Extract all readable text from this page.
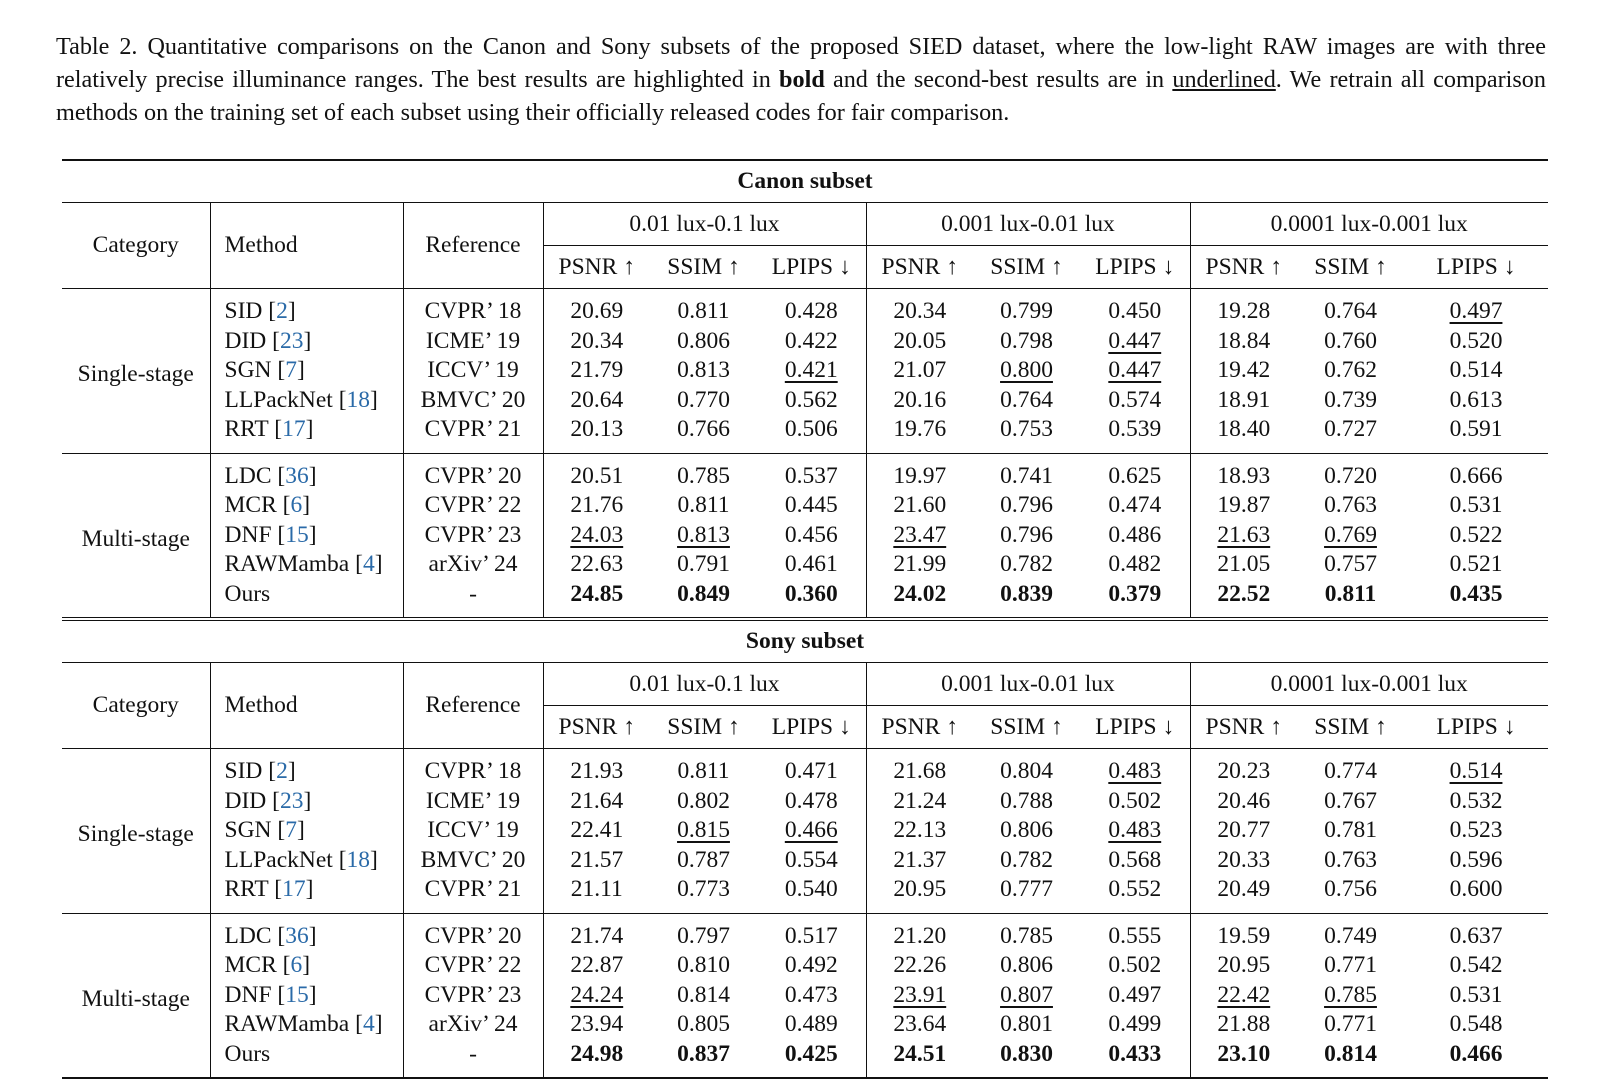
Table 2. Quantitative comparisons on the Canon and Sony subsets of the proposed SIED dataset, where the low-light RAW images are with three relatively precise illuminance ranges. The best results are highlighted in bold and the second-best results are in underlined. We retrain all comparison methods on the training set of each subset using their officially released codes for fair comparison.
Canon subset											
Category	Method	Reference	0.01 lux-0.1 lux			0.001 lux-0.01 lux			0.0001 lux-0.001 lux		
			PSNR ↑	SSIM ↑	LPIPS ↓	PSNR ↑	SSIM ↑	LPIPS ↓	PSNR ↑	SSIM ↑	LPIPS ↓
Single-stage	SID [2]	CVPR’ 18	20.69	0.811	0.428	20.34	0.799	0.450	19.28	0.764	0.497
	DID [23]	ICME’ 19	20.34	0.806	0.422	20.05	0.798	0.447	18.84	0.760	0.520
	SGN [7]	ICCV’ 19	21.79	0.813	0.421	21.07	0.800	0.447	19.42	0.762	0.514
	LLPackNet [18]	BMVC’ 20	20.64	0.770	0.562	20.16	0.764	0.574	18.91	0.739	0.613
	RRT [17]	CVPR’ 21	20.13	0.766	0.506	19.76	0.753	0.539	18.40	0.727	0.591
Multi-stage	LDC [36]	CVPR’ 20	20.51	0.785	0.537	19.97	0.741	0.625	18.93	0.720	0.666
	MCR [6]	CVPR’ 22	21.76	0.811	0.445	21.60	0.796	0.474	19.87	0.763	0.531
	DNF [15]	CVPR’ 23	24.03	0.813	0.456	23.47	0.796	0.486	21.63	0.769	0.522
	RAWMamba [4]	arXiv’ 24	22.63	0.791	0.461	21.99	0.782	0.482	21.05	0.757	0.521
	Ours	-	24.85	0.849	0.360	24.02	0.839	0.379	22.52	0.811	0.435
Sony subset											
Category	Method	Reference	0.01 lux-0.1 lux			0.001 lux-0.01 lux			0.0001 lux-0.001 lux		
			PSNR ↑	SSIM ↑	LPIPS ↓	PSNR ↑	SSIM ↑	LPIPS ↓	PSNR ↑	SSIM ↑	LPIPS ↓
Single-stage	SID [2]	CVPR’ 18	21.93	0.811	0.471	21.68	0.804	0.483	20.23	0.774	0.514
	DID [23]	ICME’ 19	21.64	0.802	0.478	21.24	0.788	0.502	20.46	0.767	0.532
	SGN [7]	ICCV’ 19	22.41	0.815	0.466	22.13	0.806	0.483	20.77	0.781	0.523
	LLPackNet [18]	BMVC’ 20	21.57	0.787	0.554	21.37	0.782	0.568	20.33	0.763	0.596
	RRT [17]	CVPR’ 21	21.11	0.773	0.540	20.95	0.777	0.552	20.49	0.756	0.600
Multi-stage	LDC [36]	CVPR’ 20	21.74	0.797	0.517	21.20	0.785	0.555	19.59	0.749	0.637
	MCR [6]	CVPR’ 22	22.87	0.810	0.492	22.26	0.806	0.502	20.95	0.771	0.542
	DNF [15]	CVPR’ 23	24.24	0.814	0.473	23.91	0.807	0.497	22.42	0.785	0.531
	RAWMamba [4]	arXiv’ 24	23.94	0.805	0.489	23.64	0.801	0.499	21.88	0.771	0.548
	Ours	-	24.98	0.837	0.425	24.51	0.830	0.433	23.10	0.814	0.466
